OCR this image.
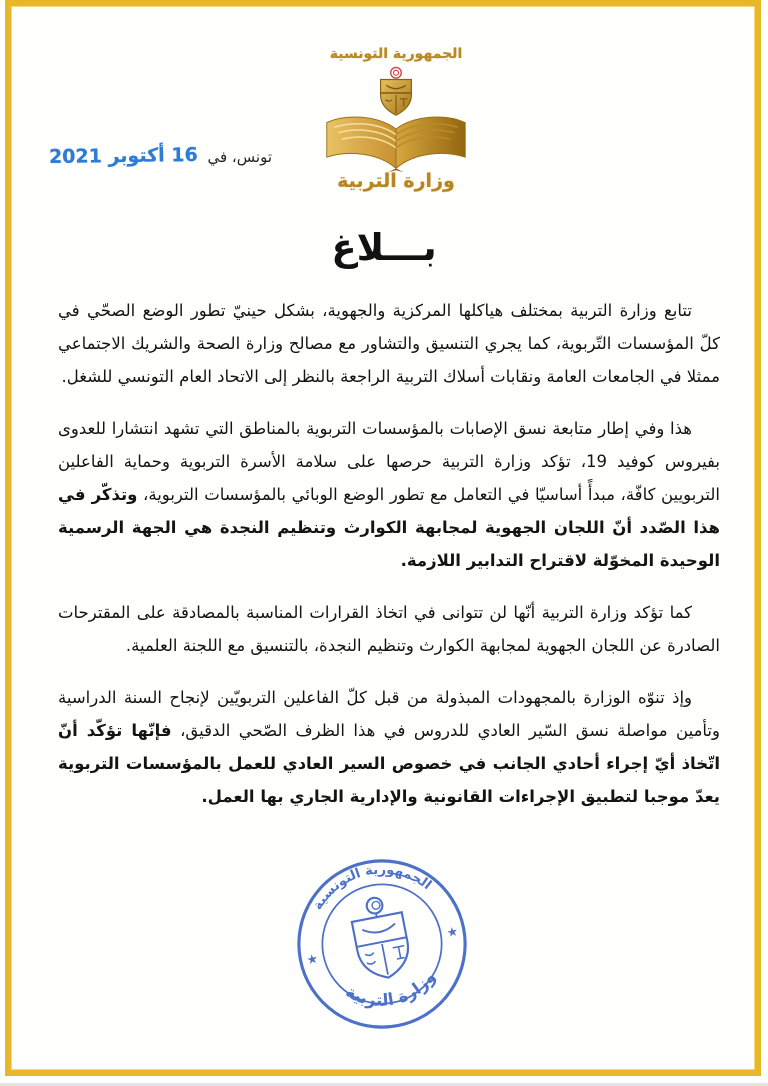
الجمهورية التونسية
وزارة التربية
تونس، في
16 أكتوبر 2021
بـــلاغ

تتابع وزارة التربية بمختلف هياكلها المركزية والجهوية، بشكل حينيّ تطور الوضع الصحّي في كلّ المؤسسات التّربوية، كما يجري التنسيق والتشاور مع مصالح وزارة الصحة والشريك الاجتماعي ممثلا في الجامعات العامة ونقابات أسلاك التربية الراجعة بالنظر إلى الاتحاد العام التونسي للشغل.

هذا وفي إطار متابعة نسق الإصابات بالمؤسسات التربوية بالمناطق التي تشهد انتشارا للعدوى بفيروس كوفيد 19، تؤكد وزارة التربية حرصها على سلامة الأسرة التربوية وحماية الفاعلين التربويين كافّة، مبدأً أساسيّا في التعامل مع تطور الوضع الوبائي بالمؤسسات التربوية، وتذكّر في هذا الصّدد أنّ اللجان الجهوية لمجابهة الكوارث وتنظيم النجدة هي الجهة الرسمية الوحيدة المخوّلة لاقتراح التدابير اللازمة.

كما تؤكد وزارة التربية أنّها لن تتوانى في اتخاذ القرارات المناسبة بالمصادقة على المقترحات الصادرة عن اللجان الجهوية لمجابهة الكوارث وتنظيم النجدة، بالتنسيق مع اللجنة العلمية.

وإذ تنوّه الوزارة بالمجهودات المبذولة من قبل كلّ الفاعلين التربويّين لإنجاح السنة الدراسية وتأمين مواصلة نسق السّير العادي للدروس في هذا الظرف الصّحي الدقيق، فإنّها تؤكّد أنّ اتّخاذ أيّ إجراء أحادي الجانب في خصوص السير العادي للعمل بالمؤسسات التربوية يعدّ موجبا لتطبيق الإجراءات القانونية والإدارية الجاري بها العمل.

الجمهورية التونسية
وزارة التربية
★
★
